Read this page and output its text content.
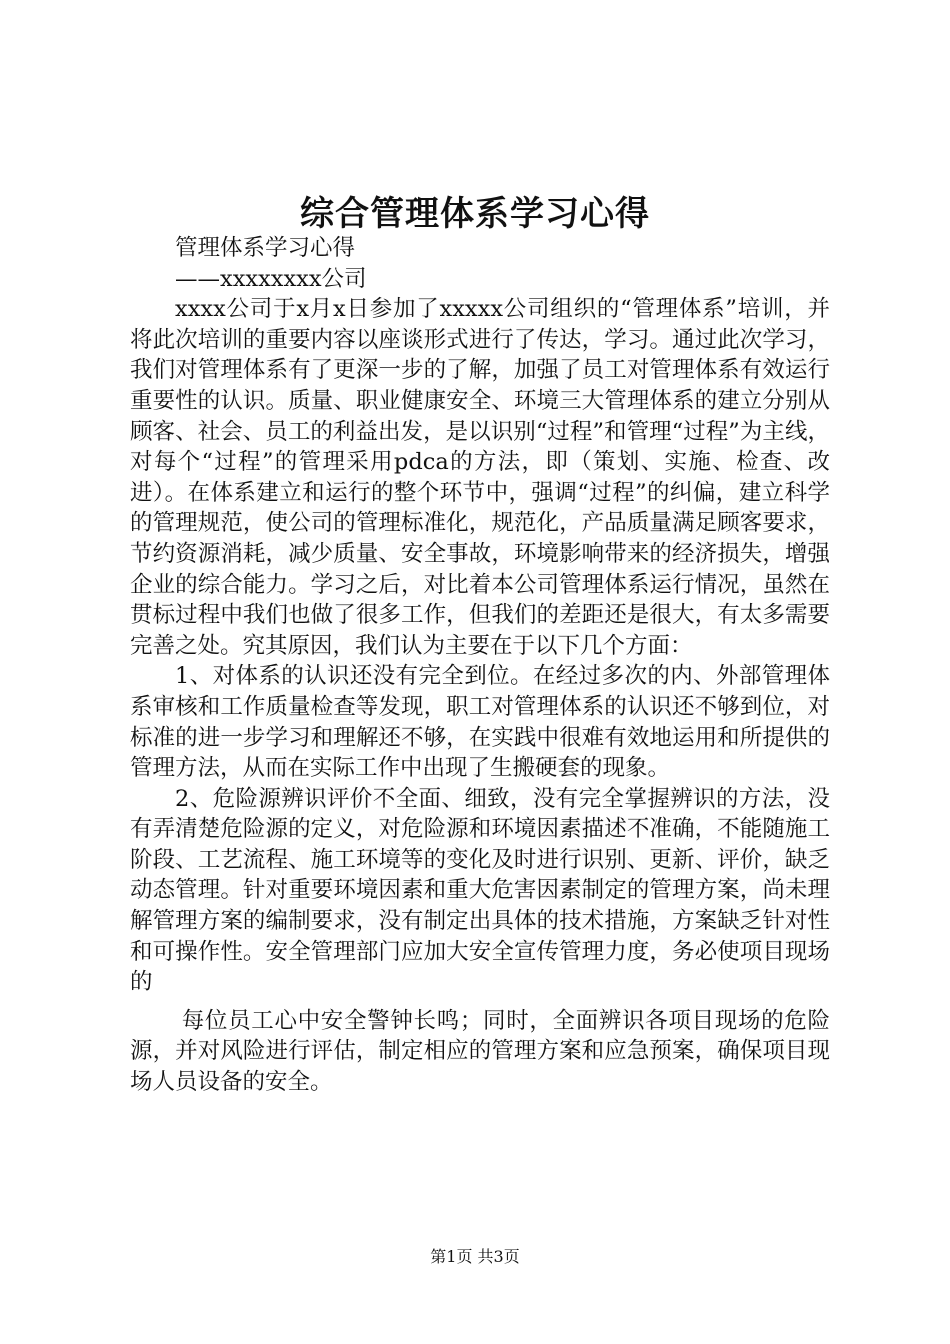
综合管理体系学习心得

管理体系学习心得

——xxxxxxxx公司

xxxx公司于x月x日参加了xxxxx公司组织的“管理体系”培训，并将此次培训的重要内容以座谈形式进行了传达，学习。通过此次学习，我们对管理体系有了更深一步的了解，加强了员工对管理体系有效运行重要性的认识。质量、职业健康安全、环境三大管理体系的建立分别从顾客、社会、员工的利益出发，是以识别“过程”和管理“过程”为主线，对每个“过程”的管理采用pdca的方法，即（策划、实施、检查、改进）。在体系建立和运行的整个环节中，强调“过程”的纠偏，建立科学的管理规范，使公司的管理标准化，规范化，产品质量满足顾客要求，节约资源消耗，减少质量、安全事故，环境影响带来的经济损失，增强企业的综合能力。学习之后，对比着本公司管理体系运行情况，虽然在贯标过程中我们也做了很多工作，但我们的差距还是很大，有太多需要完善之处。究其原因，我们认为主要在于以下几个方面：

1、对体系的认识还没有完全到位。在经过多次的内、外部管理体系审核和工作质量检查等发现，职工对管理体系的认识还不够到位，对标准的进一步学习和理解还不够，在实践中很难有效地运用和所提供的管理方法，从而在实际工作中出现了生搬硬套的现象。

2、危险源辨识评价不全面、细致，没有完全掌握辨识的方法，没有弄清楚危险源的定义，对危险源和环境因素描述不准确，不能随施工阶段、工艺流程、施工环境等的变化及时进行识别、更新、评价，缺乏动态管理。针对重要环境因素和重大危害因素制定的管理方案，尚未理解管理方案的编制要求，没有制定出具体的技术措施，方案缺乏针对性和可操作性。安全管理部门应加大安全宣传管理力度，务必使项目现场的

每位员工心中安全警钟长鸣；同时，全面辨识各项目现场的危险源，并对风险进行评估，制定相应的管理方案和应急预案，确保项目现场人员设备的安全。

第1页 共3页
